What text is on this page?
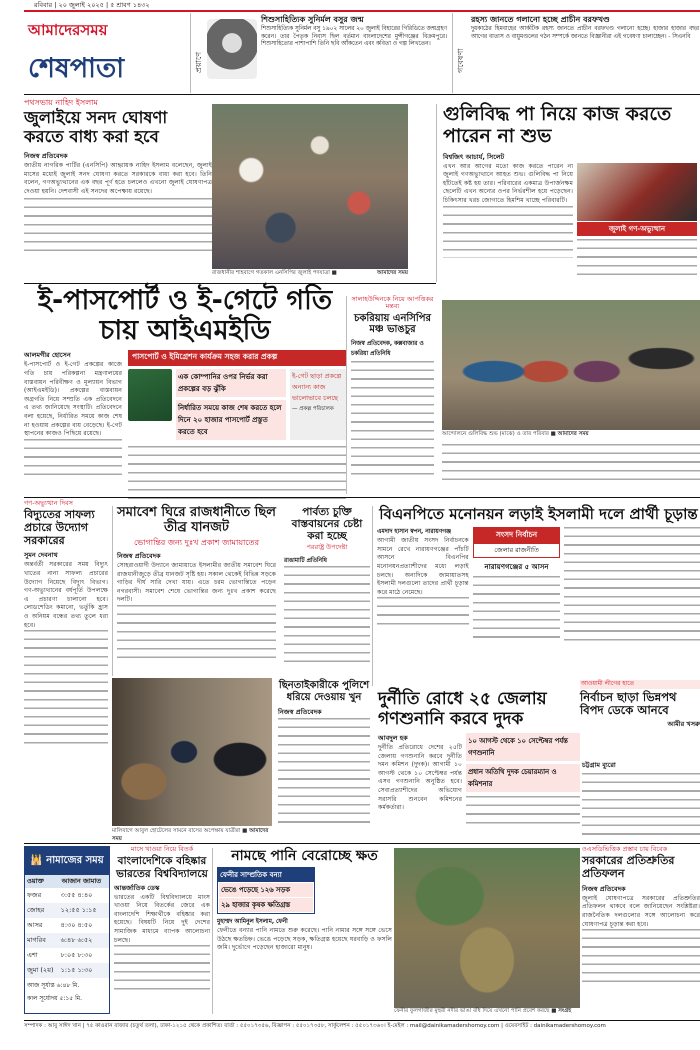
রবিবার | ২০ জুলাই ২০২৫ | ৫ শ্রাবণ ১৪৩২
আমাদেরসময়
শেষপাতা	প্রয়াণে
শিশুসাহিত্যিক সুনির্মল বসুর জন্ম
শিশুসাহিত্যিক সুনির্মল বসু ১৯০২ সালের ২০ জুলাই বিহারের গিরিডিতে জন্মগ্রহণ করেন। তার পৈতৃক নিবাস ছিল বর্তমান বাংলাদেশের মুন্সীগঞ্জের বিক্রমপুরে। শিশুসাহিত্যের পাশাপাশি তিনি ছবি আঁকতেন এবং কবিতা ও গল্প লিখতেন।
গবেষণা
রহস্য জানতে গলানো হচ্ছে প্রাচীন বরফখণ্ড
দুধকাঠের হিমবাহের আর্কটিক রহস্য জানতে প্রাচীন বরফখণ্ড গলানো হচ্ছে। হাজার হাজার বছর আগের বাতাস ও বায়ুমণ্ডলের গঠন সম্পর্কে জানতে বিজ্ঞানীরা এই গবেষণা চালাচ্ছেন। - সিএনবি
পথসভায় নাহিদ ইসলাম
জুলাইয়ে সনদ ঘোষণা করতে বাধ্য করা হবে
নিজস্ব প্রতিবেদক
জাতীয় নাগরিক পার্টির (এনসিপি) আহ্বায়ক নাহিদ ইসলাম বলেছেন, জুলাই মাসের মধ্যেই জুলাই সনদ ঘোষণা করতে সরকারকে বাধ্য করা হবে। তিনি বলেন, গণঅভ্যুত্থানের এক বছর পূর্ণ হতে চললেও এখনো জুলাই ঘোষণাপত্র দেওয়া হয়নি। দেশবাসী এই সনদের অপেক্ষায় রয়েছে।
রাজধানীর শাহবাগে গতকাল এনসিপির জুলাই পদযাত্রা ■	আমাদের সময়
গুলিবিদ্ধ পা নিয়ে কাজ করতে পারেন না শুভ
বিশ্বজিৎ আচার্য, সিলেট
এখন আর আগের মতো কাজ করতে পারেন না জুলাই গণঅভ্যুত্থানে আহত শুভ। গুলিবিদ্ধ পা নিয়ে হাঁটতেই কষ্ট হয় তার। পরিবারের একমাত্র উপার্জনক্ষম ছেলেটি এখন অন্যের ওপর নির্ভরশীল হয়ে পড়েছেন। চিকিৎসার খরচ জোগাতে হিমশিম খাচ্ছে পরিবারটি।
জুলাই গণ-অভ্যুত্থান
ই-পাসপোর্ট ও ই-গেটে গতি চায় আইএমইডি
আলমগীর হোসেন
ই-পাসপোর্ট ও ই-গেট প্রকল্পের কাজে গতি চায় পরিকল্পনা মন্ত্রণালয়ের বাস্তবায়ন পরিবীক্ষণ ও মূল্যায়ন বিভাগ (আইএমইডি)। প্রকল্পের বাস্তবায়ন অগ্রগতি নিয়ে সম্প্রতি এক প্রতিবেদনে এ তথ্য জানিয়েছে সংস্থাটি। প্রতিবেদনে বলা হয়েছে, নির্ধারিত সময়ে কাজ শেষ না হওয়ায় প্রকল্পের ব্যয় বেড়েছে। ই-গেট স্থাপনের কাজও পিছিয়ে রয়েছে।
পাসপোর্ট ও ইমিগ্রেশন কার্যক্রম সহজ করার প্রকল্প
এক কোম্পানির ওপর নির্ভর করা প্রকল্পের বড় ঝুঁকি
নির্ধারিত সময়ে কাজ শেষ করতে হলে দিনে ২০ হাজার পাসপোর্ট প্রস্তুত করতে হবে
ই-গেট ছাড়া প্রকল্পে অন্যান্য কাজ ভালোভাবে চলছে
— প্রকল্প পরিচালক
সালাহউদ্দিনকে নিয়ে আপত্তিকর মন্তব্য
চকরিয়ায় এনসিপির মঞ্চ ভাঙচুর
নিজস্ব প্রতিবেদক, কক্সবাজার ও চকরিয়া প্রতিনিধি
আন্দোলনে গুলিবিদ্ধ শুভ (মাঝে) ও তার পরিবার ■ আমাদের সময়
গণ-অভ্যুত্থান দিবস
বিদ্যুতের সাফল্য প্রচারে উদ্যোগ সরকারের
সুমন দেবনাথ
অন্তর্বর্তী সরকারের সময় বিদ্যুৎ খাতের নানা সাফল্য প্রচারের উদ্যোগ নিয়েছে বিদ্যুৎ বিভাগ। গণ-অভ্যুত্থানের বর্ষপূর্তি উপলক্ষে এ প্রচারণা চালানো হবে। লোডশেডিং কমানো, ভর্তুকি হ্রাস ও অনিয়ম বন্ধের তথ্য তুলে ধরা হবে।
সমাবেশ ঘিরে রাজধানীতে ছিল তীব্র যানজট
ভোগান্তির জন্য দুঃখ প্রকাশ জামায়াতের
নিজস্ব প্রতিবেদক
সোহরাওয়ার্দী উদ্যানে জামায়াতে ইসলামীর জাতীয় সমাবেশ ঘিরে রাজধানীজুড়ে তীব্র যানজট সৃষ্টি হয়। সকাল থেকেই বিভিন্ন সড়কে গাড়ির দীর্ঘ সারি দেখা যায়। এতে চরম ভোগান্তিতে পড়েন নগরবাসী। সমাবেশ শেষে ভোগান্তির জন্য দুঃখ প্রকাশ করেছে দলটি।
পার্বত্য চুক্তি বাস্তবায়নের চেষ্টা করা হচ্ছে
পররাষ্ট্র উপদেষ্টা
রাঙামাটি প্রতিনিধি
বিএনপিতে মনোনয়ন লড়াই ইসলামী দলে প্রার্থী চূড়ান্ত
এমদাদ হাসান স্বপন, নারায়ণগঞ্জ
আগামী জাতীয় সংসদ নির্বাচনকে সামনে রেখে নারায়ণগঞ্জের পাঁচটি আসনে বিএনপির মনোনয়নপ্রত্যাশীদের মধ্যে লড়াই চলছে। অন্যদিকে জামায়াতসহ ইসলামী দলগুলো তাদের প্রার্থী চূড়ান্ত করে মাঠে নেমেছে।
সংসদ নির্বাচন
জেলার রাজনীতি
নারায়ণগঞ্জের ৫ আসন
মালিবাগে আবুল হোটেলের সামনে বাসের অপেক্ষায় যাত্রীরা ■ আমাদের সময়
ছিনতাইকারীকে পুলিশে ধরিয়ে দেওয়ায় খুন
নিজস্ব প্রতিবেদক
আওয়ামী লীগের হাতে
নির্বাচন ছাড়া ভিন্নপথ বিপদ ডেকে আনবে
আমীর খসরু
দুর্নীতি রোধে ২৫ জেলায় গণশুনানি করবে দুদক
আবদুল হক
দুর্নীতি প্রতিরোধে দেশের ২৫টি জেলায় গণশুনানি করবে দুর্নীতি দমন কমিশন (দুদক)। আগামী ১০ আগস্ট থেকে ১০ সেপ্টেম্বর পর্যন্ত এসব গণশুনানি অনুষ্ঠিত হবে। সেবাপ্রত্যাশীদের অভিযোগ সরাসরি শুনবেন কমিশনের কর্মকর্তারা।
১০ আগস্ট থেকে ১০ সেপ্টেম্বর পর্যন্ত গণশুনানি
প্রধান অতিথি দুদক চেয়ারম্যান ও কমিশনার
চট্টগ্রাম ব্যুরো
🕌 নামাজের সময়
ওয়াক্ত	আজান জামাত
ফজর	৩:৫৫ ৪:৪০
জোহর	১২:৫৫ ১:১৫
আসর	৪:৩০ ৪:৫০
মাগরিব	৬:৪৮ ৬:৫২
এশা	৮:০৫ ৮:৩০
জুমা (২য়)	১:১৫ ১:৩০
আজ সূর্যাস্ত ৬:৪৮ মি.
কাল সূর্যোদয় ৫:১৫ মি.
মাসে খাওয়া নিয়ে বিতর্ক
বাংলাদেশিকে বহিষ্কার ভারতের বিশ্ববিদ্যালয়ে
আন্তর্জাতিক ডেস্ক
ভারতের একটি বিশ্ববিদ্যালয়ে মাংস খাওয়া নিয়ে বিতর্কের জেরে এক বাংলাদেশি শিক্ষার্থীকে বহিষ্কার করা হয়েছে। বিষয়টি নিয়ে দুই দেশের সামাজিক মাধ্যমে ব্যাপক আলোচনা চলছে।
নামছে পানি বেরোচ্ছে ক্ষত
ফেনীর সাম্প্রতিক বন্যা
ভেঙে পড়েছে ১২৬ সড়ক
২৯ হাজার কৃষক ক্ষতিগ্রস্ত
মুহাম্মদ আমিনুল ইসলাম, ফেনী
ফেনীতে বন্যার পানি নামতে শুরু করেছে। পানি নামার সঙ্গে সঙ্গে ভেসে উঠছে ক্ষতচিহ্ন। ভেঙে পড়েছে সড়ক, ক্ষতিগ্রস্ত হয়েছে ঘরবাড়ি ও ফসলি জমি। দুর্ভোগে পড়েছেন হাজারো মানুষ।
ফেনীর ফুলগাজীর মুহুরী নদীর ভাঙা বাঁধ দিয়ে এখনো পানি প্রবেশ করছে ■ সংগ্রহ
ওএসডিভিত্তিক প্রস্তাব চায় বিবেক
সরকারের প্রতিশ্রুতির প্রতিফলন
নিজস্ব প্রতিবেদক
জুলাই ঘোষণাপত্রে সরকারের প্রতিশ্রুতির প্রতিফলন থাকবে বলে জানিয়েছেন সংশ্লিষ্টরা। রাজনৈতিক দলগুলোর সঙ্গে আলোচনা করে ঘোষণাপত্র চূড়ান্ত করা হবে।
সম্পাদক : আবু সাঈদ খান | ৭৫ কাওরান বাজার (চতুর্থ তলা), ঢাকা-১২১৫ থেকে প্রকাশিত। বার্তা : ৫৫০১৭৩৫৬, বিজ্ঞাপন : ৫৫০১৭৩৫৮, সার্কুলেশন : ৫৫০১৭৩৬০। ই-মেইল : mail@dainikamadershomoy.com | ওয়েবসাইট : dainikamadershomoy.com
